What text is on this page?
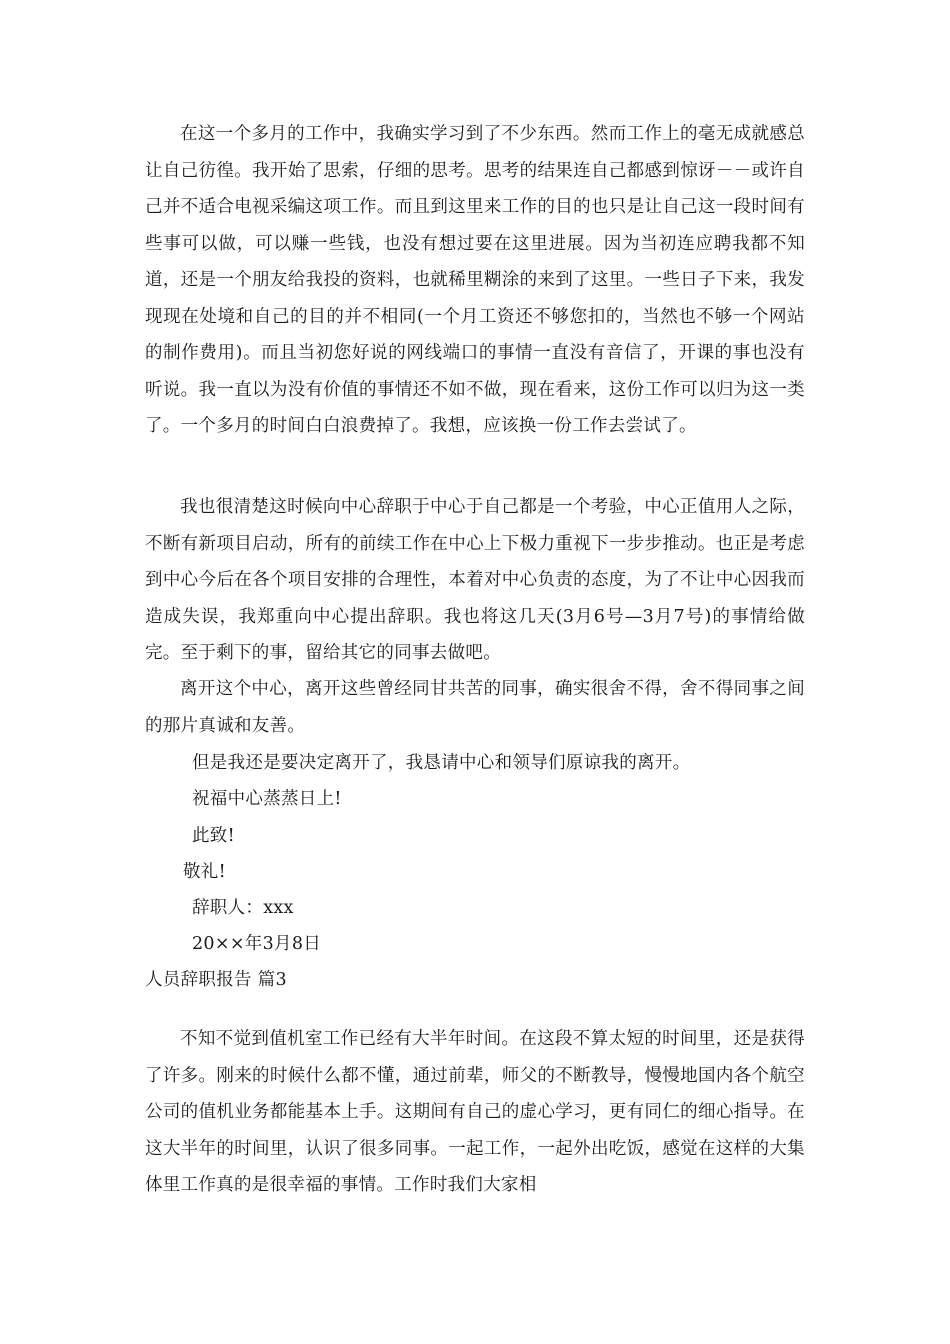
在这一个多月的工作中，我确实学习到了不少东西。然而工作上的毫无成就感总让自己彷徨。我开始了思索，仔细的思考。思考的结果连自己都感到惊讶－－或许自己并不适合电视采编这项工作。而且到这里来工作的目的也只是让自己这一段时间有些事可以做，可以赚一些钱，也没有想过要在这里进展。因为当初连应聘我都不知道，还是一个朋友给我投的资料，也就稀里糊涂的来到了这里。一些日子下来，我发现现在处境和自己的目的并不相同(一个月工资还不够您扣的，当然也不够一个网站的制作费用)。而且当初您好说的网线端口的事情一直没有音信了，开课的事也没有听说。我一直以为没有价值的事情还不如不做，现在看来，这份工作可以归为这一类了。一个多月的时间白白浪费掉了。我想，应该换一份工作去尝试了。

我也很清楚这时候向中心辞职于中心于自己都是一个考验，中心正值用人之际，不断有新项目启动，所有的前续工作在中心上下极力重视下一步步推动。也正是考虑到中心今后在各个项目安排的合理性，本着对中心负责的态度，为了不让中心因我而造成失误，我郑重向中心提出辞职。我也将这几天(3月6号—3月7号)的事情给做完。至于剩下的事，留给其它的同事去做吧。

离开这个中心，离开这些曾经同甘共苦的同事，确实很舍不得，舍不得同事之间的那片真诚和友善。

但是我还是要决定离开了，我恳请中心和领导们原谅我的离开。

祝福中心蒸蒸日上!

此致!

敬礼!

辞职人：xxx

20××年3月8日

人员辞职报告 篇3

不知不觉到值机室工作已经有大半年时间。在这段不算太短的时间里，还是获得了许多。刚来的时候什么都不懂，通过前辈，师父的不断教导，慢慢地国内各个航空公司的值机业务都能基本上手。这期间有自己的虚心学习，更有同仁的细心指导。在这大半年的时间里，认识了很多同事。一起工作，一起外出吃饭，感觉在这样的大集体里工作真的是很幸福的事情。工作时我们大家相
